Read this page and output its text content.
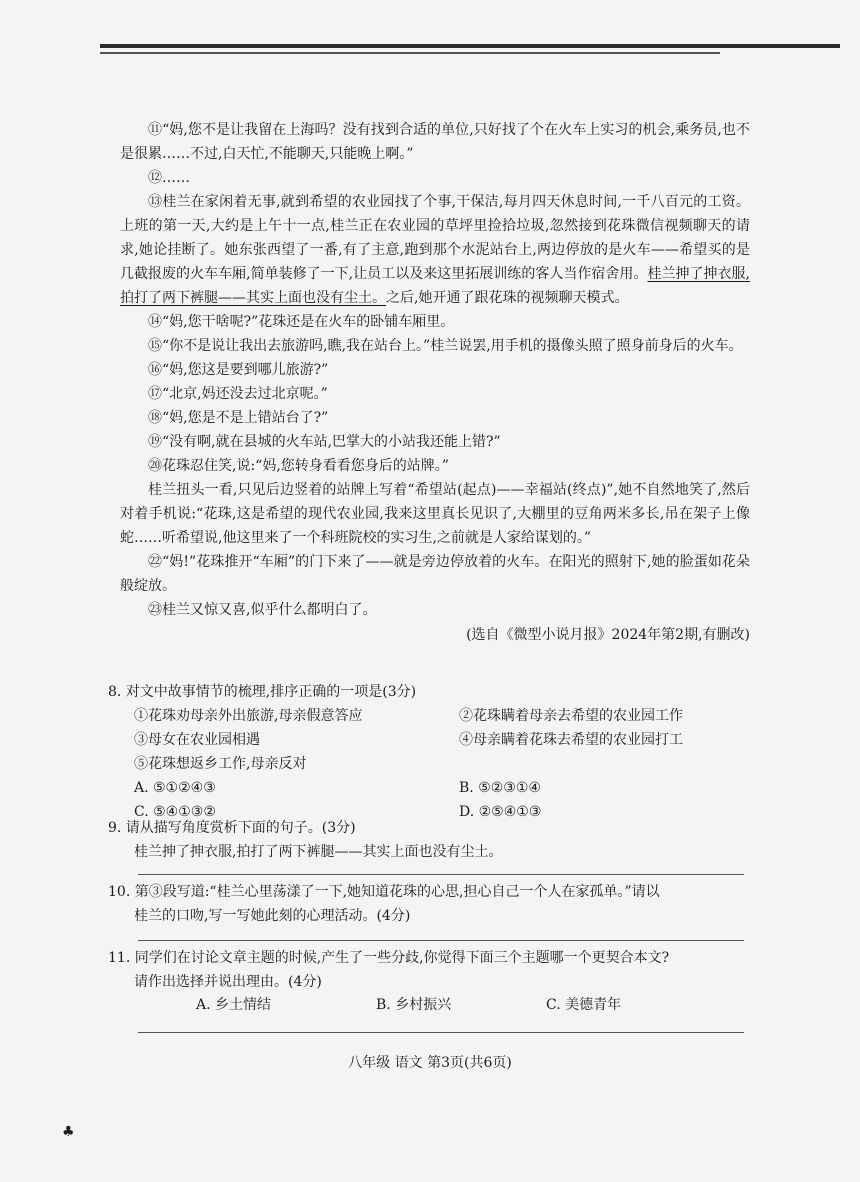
⑪“妈,您不是让我留在上海吗？没有找到合适的单位,只好找了个在火车上实习的机会,乘务员,也不是很累……不过,白天忙,不能聊天,只能晚上啊。”

⑫……

⑬桂兰在家闲着无事,就到希望的农业园找了个事,干保洁,每月四天休息时间,一千八百元的工资。上班的第一天,大约是上午十一点,桂兰正在农业园的草坪里捡拾垃圾,忽然接到花珠微信视频聊天的请求,她论挂断了。她东张西望了一番,有了主意,跑到那个水泥站台上,两边停放的是火车——希望买的是几截报废的火车车厢,简单装修了一下,让员工以及来这里拓展训练的客人当作宿舍用。桂兰抻了抻衣服,拍打了两下裤腿——其实上面也没有尘土。之后,她开通了跟花珠的视频聊天模式。

⑭“妈,您干啥呢?”花珠还是在火车的卧铺车厢里。

⑮“你不是说让我出去旅游吗,瞧,我在站台上。”桂兰说罢,用手机的摄像头照了照身前身后的火车。

⑯“妈,您这是要到哪儿旅游?”

⑰“北京,妈还没去过北京呢。”

⑱“妈,您是不是上错站台了?”

⑲“没有啊,就在县城的火车站,巴掌大的小站我还能上错?”

⑳花珠忍住笑,说:“妈,您转身看看您身后的站牌。”

桂兰扭头一看,只见后边竖着的站牌上写着“希望站(起点)——幸福站(终点)”,她不自然地笑了,然后对着手机说:“花珠,这是希望的现代农业园,我来这里真长见识了,大棚里的豆角两米多长,吊在架子上像蛇……听希望说,他这里来了一个科班院校的实习生,之前就是人家给谋划的。”

㉒“妈!”花珠推开“车厢”的门下来了——就是旁边停放着的火车。在阳光的照射下,她的脸蛋如花朵般绽放。

㉓桂兰又惊又喜,似乎什么都明白了。

(选自《微型小说月报》2024年第2期,有删改)

8. 对文中故事情节的梳理,排序正确的一项是(3分)

①花珠劝母亲外出旅游,母亲假意答应	②花珠瞒着母亲去希望的农业园工作
③母女在农业园相遇	④母亲瞒着花珠去希望的农业园打工
⑤花珠想返乡工作,母亲反对
A. ⑤①②④③	B. ⑤②③①④
C. ⑤④①③②	D. ②⑤④①③

9. 请从描写角度赏析下面的句子。(3分)

桂兰抻了抻衣服,拍打了两下裤腿——其实上面也没有尘土。

10. 第③段写道:“桂兰心里荡漾了一下,她知道花珠的心思,担心自己一个人在家孤单。”请以

桂兰的口吻,写一写她此刻的心理活动。(4分)

11. 同学们在讨论文章主题的时候,产生了一些分歧,你觉得下面三个主题哪一个更契合本文?

请作出选择并说出理由。(4分)

A. 乡土情结	B. 乡村振兴	C. 美德青年
八年级 语文 第3页(共6页)
♣
